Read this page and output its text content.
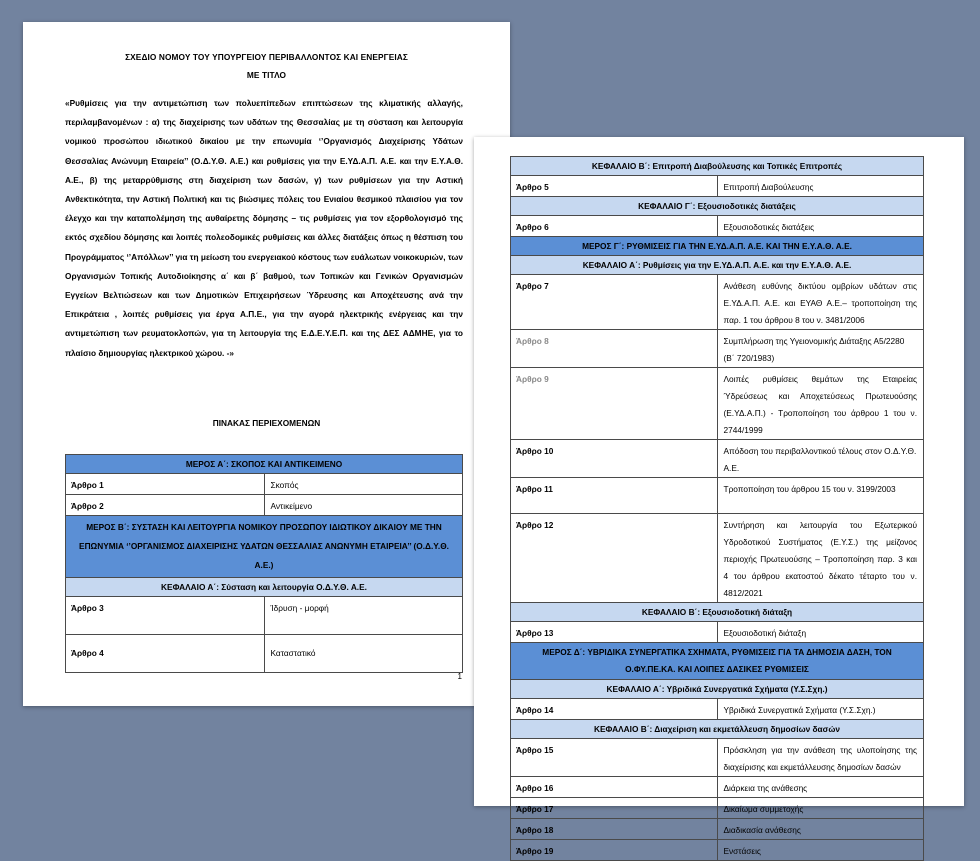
ΣΧΕΔΙΟ ΝΟΜΟΥ ΤΟΥ ΥΠΟΥΡΓΕΙΟΥ ΠΕΡΙΒΑΛΛΟΝΤΟΣ ΚΑΙ ΕΝΕΡΓΕΙΑΣ
ΜΕ ΤΙΤΛΟ
«Ρυθμίσεις για την αντιμετώπιση των πολυεπίπεδων επιπτώσεων της κλιματικής αλλαγής, περιλαμβανομένων : α) της διαχείρισης των υδάτων της Θεσσαλίας με τη σύσταση και λειτουργία νομικού προσώπου ιδιωτικού δικαίου με την επωνυμία ‘’Οργανισμός Διαχείρισης Υδάτων Θεσσαλίας Ανώνυμη Εταιρεία’’ (Ο.Δ.Υ.Θ. Α.Ε.) και ρυθμίσεις για την Ε.ΥΔ.Α.Π. Α.Ε. και την Ε.Υ.Α.Θ. Α.Ε., β) της μεταρρύθμισης στη διαχείριση των δασών, γ) των ρυθμίσεων για την Αστική Ανθεκτικότητα, την Αστική Πολιτική και τις βιώσιμες πόλεις του Ενιαίου θεσμικού πλαισίου για τον έλεγχο και την καταπολέμηση της αυθαίρετης δόμησης – τις ρυθμίσεις για τον εξορθολογισμό της εκτός σχεδίου δόμησης και λοιπές πολεοδομικές ρυθμίσεις και άλλες διατάξεις όπως η θέσπιση του Προγράμματος ‘’Απόλλων’’ για τη μείωση του ενεργειακού κόστους των ευάλωτων νοικοκυριών, των Οργανισμών Τοπικής Αυτοδιοίκησης α΄ και β΄ βαθμού, των Τοπικών και Γενικών Οργανισμών Εγγείων Βελτιώσεων και των Δημοτικών Επιχειρήσεων Ύδρευσης και Αποχέτευσης ανά την Επικράτεια , λοιπές ρυθμίσεις για έργα Α.Π.Ε., για την αγορά ηλεκτρικής ενέργειας και την αντιμετώπιση των ρευματοκλοπών, για τη λειτουργία της Ε.Δ.Ε.Υ.Ε.Π. και της ΔΕΣ ΑΔΜΗΕ, για το πλαίσιο δημιουργίας ηλεκτρικού χώρου. -»
ΠΙΝΑΚΑΣ ΠΕΡΙΕΧΟΜΕΝΩΝ
ΜΕΡΟΣ Α΄: ΣΚΟΠΟΣ ΚΑΙ ΑΝΤΙΚΕΙΜΕΝΟ	
Άρθρο 1	Σκοπός
Άρθρο 2	Αντικείμενο
ΜΕΡΟΣ Β΄: ΣΥΣΤΑΣΗ ΚΑΙ ΛΕΙΤΟΥΡΓΙΑ ΝΟΜΙΚΟΥ ΠΡΟΣΩΠΟΥ ΙΔΙΩΤΙΚΟΥ ΔΙΚΑΙΟΥ ΜΕ ΤΗΝ ΕΠΩΝΥΜΙΑ ‘’ΟΡΓΑΝΙΣΜΟΣ ΔΙΑΧΕΙΡΙΣΗΣ ΥΔΑΤΩΝ ΘΕΣΣΑΛΙΑΣ ΑΝΩΝΥΜΗ ΕΤΑΙΡΕΙΑ’’ (Ο.Δ.Υ.Θ. Α.Ε.)	
ΚΕΦΑΛΑΙΟ Α΄: Σύσταση και λειτουργία Ο.Δ.Υ.Θ. Α.Ε.	
Άρθρο 3	Ίδρυση - μορφή
Άρθρο 4	Καταστατικό
1
ΚΕΦΑΛΑΙΟ Β΄: Επιτροπή Διαβούλευσης και Τοπικές Επιτροπές	
Άρθρο 5	Επιτροπή Διαβούλευσης
ΚΕΦΑΛΑΙΟ Γ΄: Εξουσιοδοτικές διατάξεις	
Άρθρο 6	Εξουσιοδοτικές διατάξεις
ΜΕΡΟΣ Γ΄: ΡΥΘΜΙΣΕΙΣ ΓΙΑ ΤΗΝ Ε.ΥΔ.Α.Π. Α.Ε. ΚΑΙ ΤΗΝ Ε.Υ.Α.Θ. Α.Ε.	
ΚΕΦΑΛΑΙΟ Α΄: Ρυθμίσεις για την Ε.ΥΔ.Α.Π. Α.Ε. και την Ε.Υ.Α.Θ. Α.Ε.	
Άρθρο 7	Ανάθεση ευθύνης δικτύου ομβρίων υδάτων στις Ε.ΥΔ.Α.Π. Α.Ε. και ΕΥΑΘ Α.Ε.– τροποποίηση της παρ. 1 του άρθρου 8 του ν. 3481/2006
Άρθρο 8	Συμπλήρωση της Υγειονομικής Διάταξης Α5/2280 (Β΄ 720/1983)
Άρθρο 9	Λοιπές ρυθμίσεις θεμάτων της Εταιρείας Ύδρεύσεως και Αποχετεύσεως Πρωτευούσης (Ε.ΥΔ.Α.Π.) - Τροποποίηση του άρθρου 1 του ν. 2744/1999
Άρθρο 10	Απόδοση του περιβαλλοντικού τέλους στον Ο.Δ.Υ.Θ. Α.Ε.
Άρθρο 11	Τροποποίηση του άρθρου 15 του ν. 3199/2003
Άρθρο 12	Συντήρηση και λειτουργία του Εξωτερικού Υδροδοτικού Συστήματος (Ε.Υ.Σ.) της μείζονος περιοχής Πρωτευούσης – Τροποποίηση παρ. 3 και 4 του άρθρου εκατοστού δέκατο τέταρτο του ν. 4812/2021
ΚΕΦΑΛΑΙΟ Β΄: Εξουσιοδοτική διάταξη	
Άρθρο 13	Εξουσιοδοτική διάταξη
ΜΕΡΟΣ Δ΄: ΥΒΡΙΔΙΚΑ ΣΥΝΕΡΓΑΤΙΚΑ ΣΧΗΜΑΤΑ, ΡΥΘΜΙΣΕΙΣ ΓΙΑ ΤΑ ΔΗΜΟΣΙΑ ΔΑΣΗ, ΤΟΝ Ο.ΦΥ.ΠΕ.ΚΑ. ΚΑΙ ΛΟΙΠΕΣ ΔΑΣΙΚΕΣ ΡΥΘΜΙΣΕΙΣ	
ΚΕΦΑΛΑΙΟ Α΄: Υβριδικά Συνεργατικά Σχήματα (Υ.Σ.Σχη.)	
Άρθρο 14	Υβριδικά Συνεργατικά Σχήματα (Υ.Σ.Σχη.)
ΚΕΦΑΛΑΙΟ Β΄: Διαχείριση και εκμετάλλευση δημοσίων δασών	
Άρθρο 15	Πρόσκληση για την ανάθεση της υλοποίησης της διαχείρισης και εκμετάλλευσης δημοσίων δασών
Άρθρο 16	Διάρκεια της ανάθεσης
Άρθρο 17	Δικαίωμα συμμετοχής
Άρθρο 18	Διαδικασία ανάθεσης
Άρθρο 19	Ενστάσεις
